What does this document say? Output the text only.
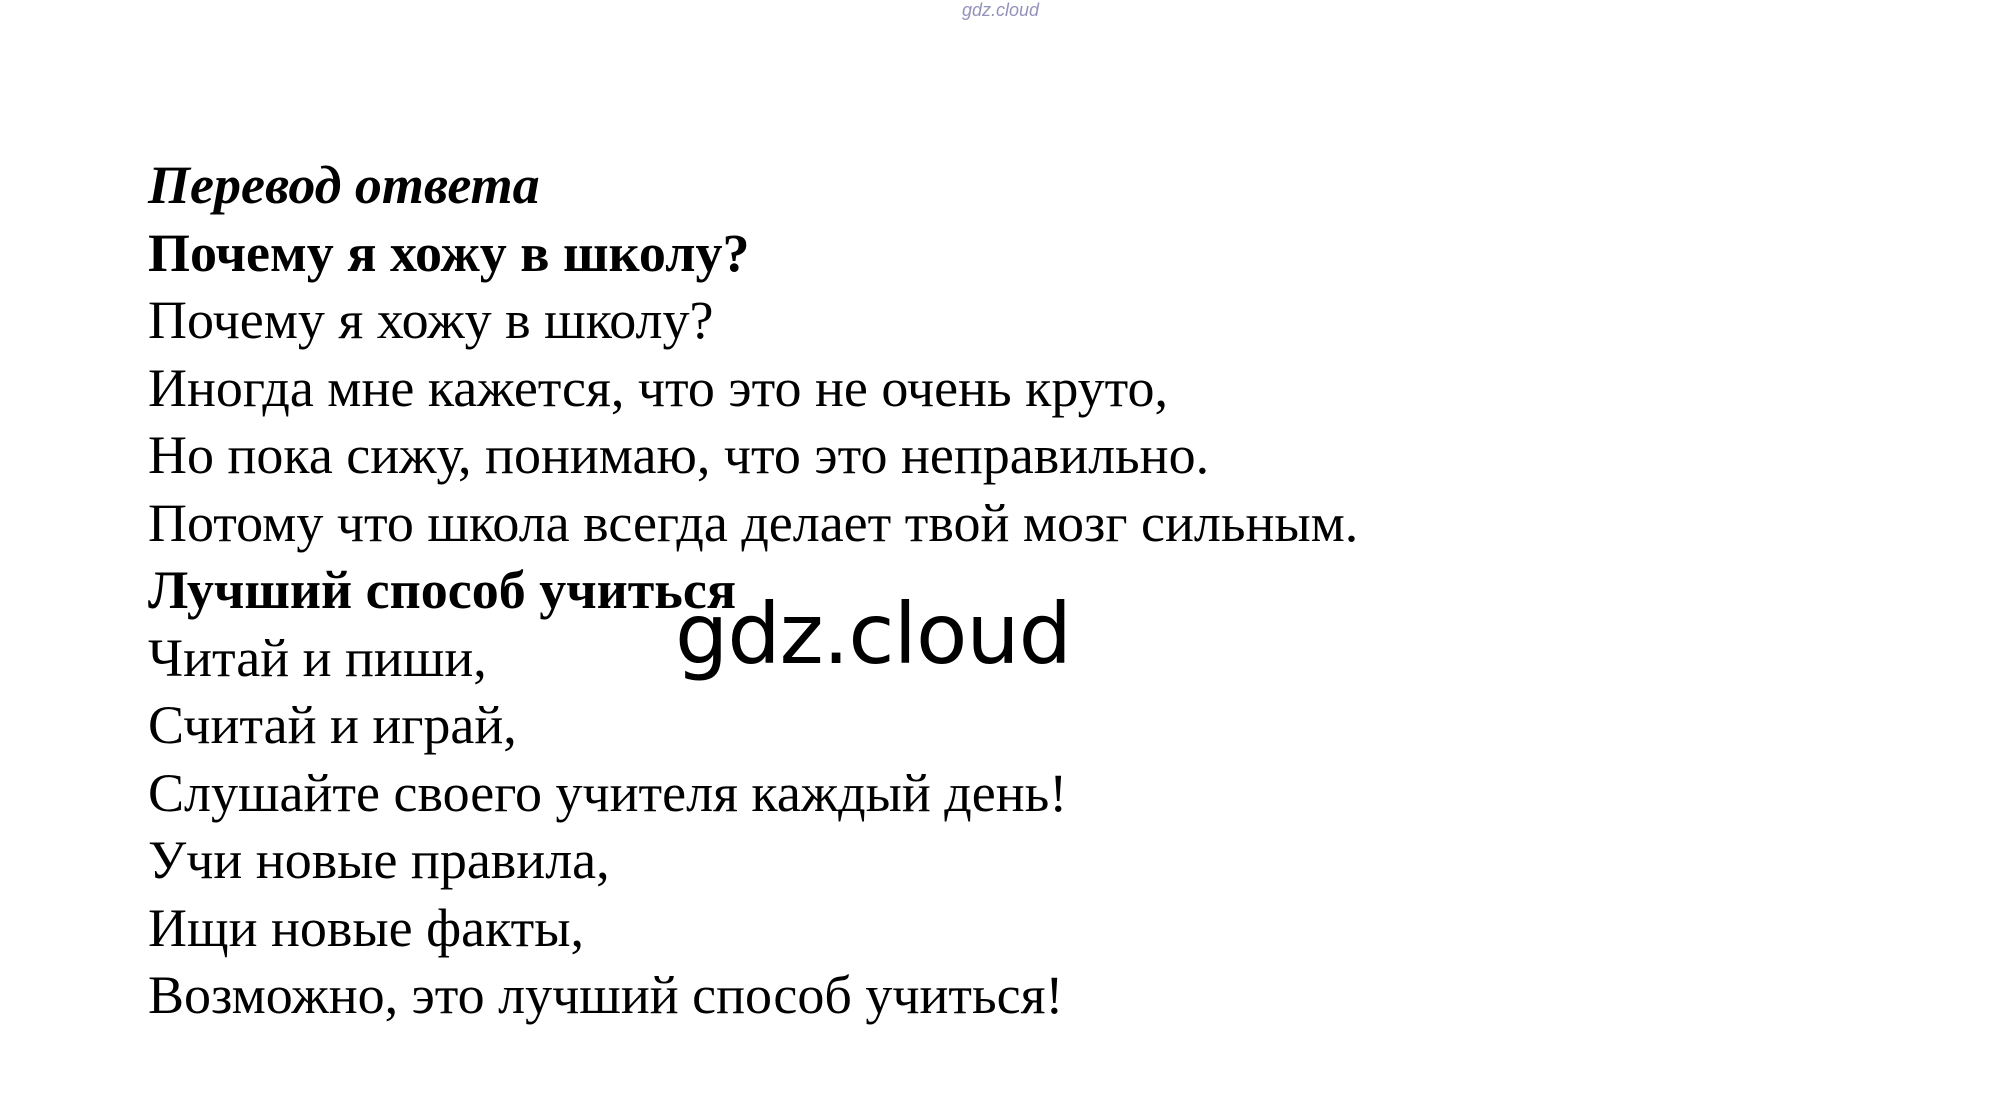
gdz.cloud

Перевод ответа

Почему я хожу в школу?

Почему я хожу в школу?

Иногда мне кажется, что это не очень круто,

Но пока сижу, понимаю, что это неправильно.

Потому что школа всегда делает твой мозг сильным.

Лучший способ учиться

Читай и пиши,

Считай и играй,

Слушайте своего учителя каждый день!

Учи новые правила,

Ищи новые факты,

Возможно, это лучший способ учиться!

gdz.cloud
